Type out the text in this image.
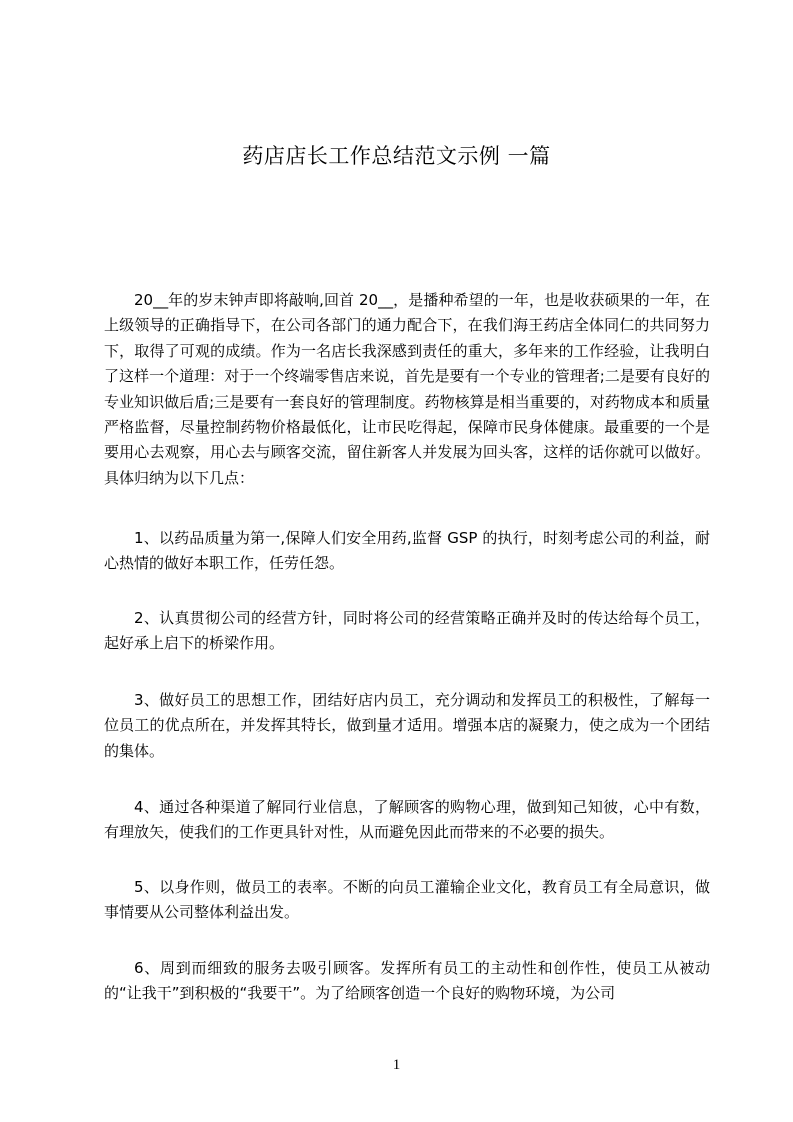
药店店长工作总结范文示例 一篇

20__年的岁末钟声即将敲响,回首 20__，是播种希望的一年，也是收获硕果的一年，在上级领导的正确指导下，在公司各部门的通力配合下，在我们海王药店全体同仁的共同努力下，取得了可观的成绩。作为一名店长我深感到责任的重大，多年来的工作经验，让我明白了这样一个道理：对于一个终端零售店来说，首先是要有一个专业的管理者;二是要有良好的专业知识做后盾;三是要有一套良好的管理制度。药物核算是相当重要的，对药物成本和质量严格监督，尽量控制药物价格最低化，让市民吃得起，保障市民身体健康。最重要的一个是要用心去观察，用心去与顾客交流，留住新客人并发展为回头客，这样的话你就可以做好。具体归纳为以下几点：

1、以药品质量为第一,保障人们安全用药,监督 GSP 的执行，时刻考虑公司的利益，耐心热情的做好本职工作，任劳任怨。

2、认真贯彻公司的经营方针，同时将公司的经营策略正确并及时的传达给每个员工，起好承上启下的桥梁作用。

3、做好员工的思想工作，团结好店内员工，充分调动和发挥员工的积极性，了解每一位员工的优点所在，并发挥其特长，做到量才适用。增强本店的凝聚力，使之成为一个团结的集体。

4、通过各种渠道了解同行业信息，了解顾客的购物心理，做到知己知彼，心中有数，有理放矢，使我们的工作更具针对性，从而避免因此而带来的不必要的损失。

5、以身作则，做员工的表率。不断的向员工灌输企业文化，教育员工有全局意识，做事情要从公司整体利益出发。

6、周到而细致的服务去吸引顾客。发挥所有员工的主动性和创作性，使员工从被动的“让我干”到积极的“我要干”。为了给顾客创造一个良好的购物环境，为公司

1
